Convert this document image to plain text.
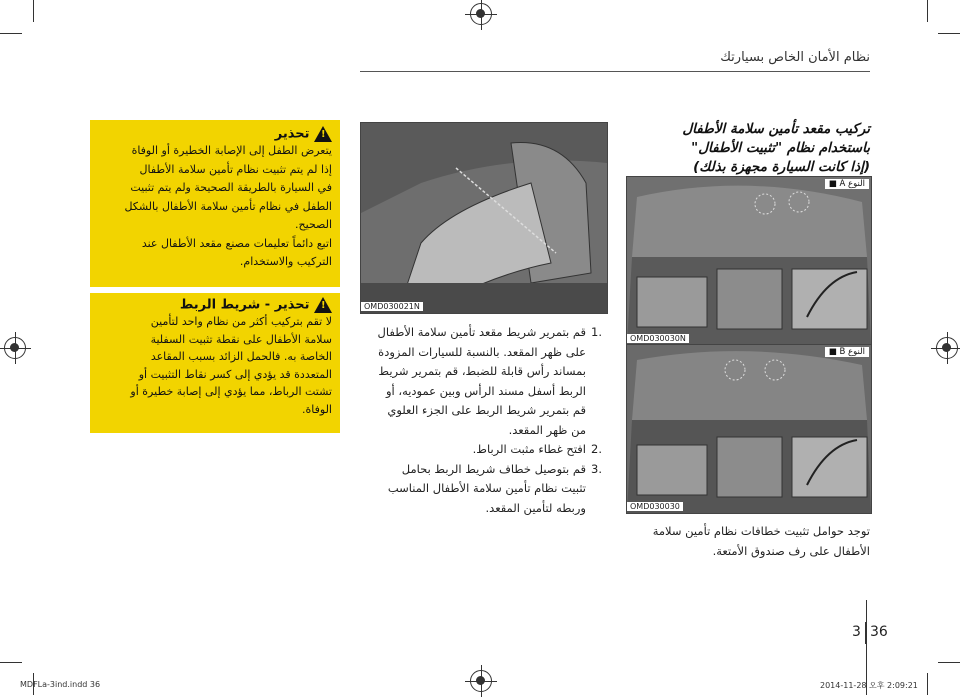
نظام الأمان الخاص بسيارتك
تركيب مقعد تأمين سلامة الأطفال
باستخدام نظام "تثبيت الأطفال"
(إذا كانت السيارة مجهزة بذلك)
النوع A ■
OMD030030N
النوع B ■
OMD030030
توجد حوامل تثبيت خطافات نظام تأمين سلامة
الأطفال على رف صندوق الأمتعة.
OMD030021N
.1قم بتمرير شريط مقعد تأمين سلامة الأطفال
على ظهر المقعد. بالنسبة للسيارات المزودة
بمساند رأس قابلة للضبط، قم بتمرير شريط
الربط أسفل مسند الرأس وبين عموديه، أو
قم بتمرير شريط الربط على الجزء العلوي
من ظهر المقعد.
.2افتح غطاء مثبت الرباط.
.3قم بتوصيل خطاف شريط الربط بحامل
تثبيت نظام تأمين سلامة الأطفال المناسب
وربطه لتأمين المقعد.
!
تحذير
يتعرض الطفل إلى الإصابة الخطيرة أو الوفاة
إذا لم يتم تثبيت نظام تأمين سلامة الأطفال
في السيارة بالطريقة الصحيحة ولم يتم تثبيت
الطفل في نظام تأمين سلامة الأطفال بالشكل
الصحيح.
اتبع دائماً تعليمات مصنع مقعد الأطفال عند
التركيب والاستخدام.
!
تحذير - شريط الربط
لا تقم بتركيب أكثر من نظام واحد لتأمين
سلامة الأطفال على نقطة تثبيت السفلية
الخاصة به. فالحمل الزائد بسبب المقاعد
المتعددة قد يؤدي إلى كسر نقاط التثبيت أو
تشتت الرباط، مما يؤدي إلى إصابة خطيرة أو
الوفاة.
3 36
MDFLa-3ind.indd 36	2014-11-28 오후 2:09:21
